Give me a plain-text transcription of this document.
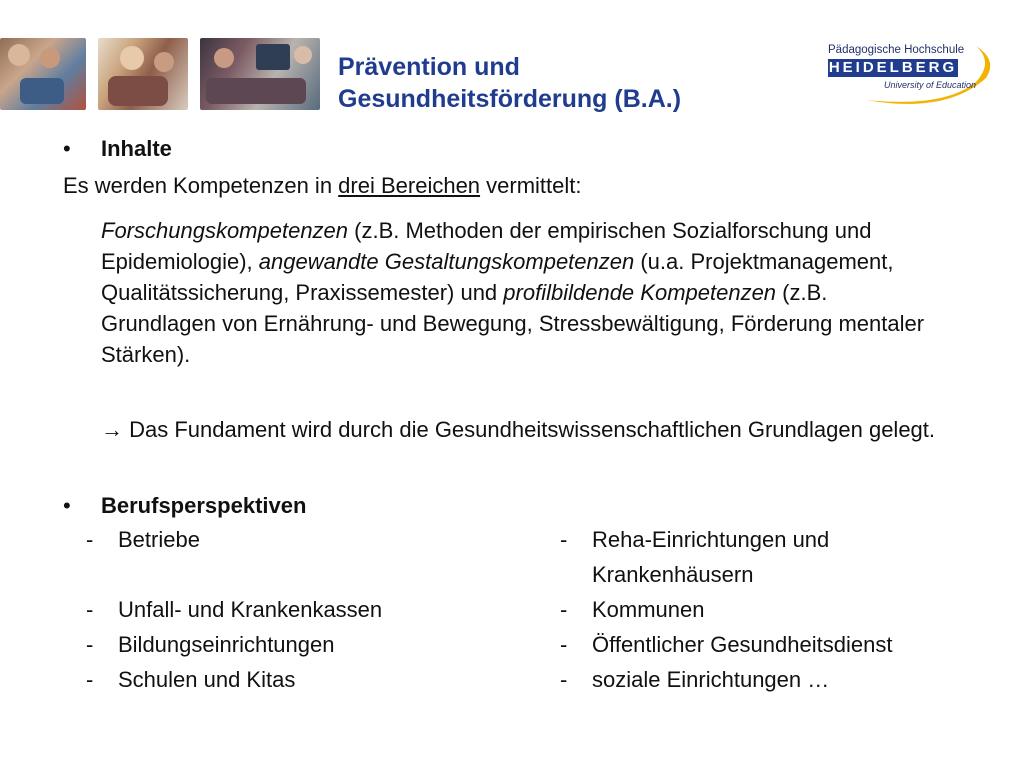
Prävention und
Gesundheitsförderung (B.A.)
Pädagogische Hochschule
HEIDELBERG
University of Education
• Inhalte
Es werden Kompetenzen in drei Bereichen vermittelt:
Forschungskompetenzen (z.B. Methoden der empirischen Sozialforschung und Epidemiologie), angewandte Gestaltungskompetenzen (u.a. Projektmanagement, Qualitätssicherung, Praxissemester) und profilbildende Kompetenzen (z.B. Grundlagen von Ernährung- und Bewegung, Stressbewältigung, Förderung mentaler Stärken).
→ Das Fundament wird durch die Gesundheitswissenschaftlichen Grundlagen gelegt.
• Berufsperspektiven
-	Betriebe

-	Unfall- und Krankenkassen
-	Bildungseinrichtungen
-	Schulen und Kitas
-	Reha-Einrichtungen und
Krankenhäusern
-	Kommunen
-	Öffentlicher Gesundheitsdienst
-	soziale Einrichtungen …
